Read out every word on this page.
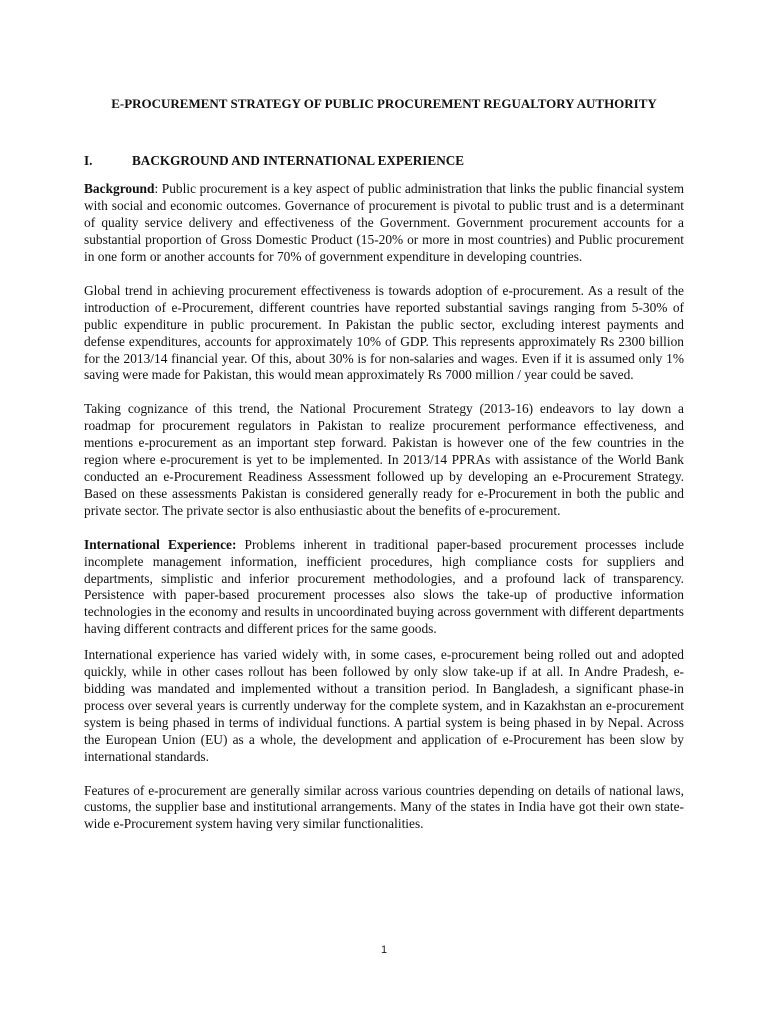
E-PROCUREMENT STRATEGY OF PUBLIC PROCUREMENT REGUALTORY AUTHORITY
I.	BACKGROUND AND INTERNATIONAL EXPERIENCE

Background: Public procurement is a key aspect of public administration that links the public financial system with social and economic outcomes. Governance of procurement is pivotal to public trust and is a determinant of quality service delivery and effectiveness of the Government. Government procurement accounts for a substantial proportion of Gross Domestic Product (15-20% or more in most countries) and Public procurement in one form or another accounts for 70% of government expenditure in developing countries.

Global trend in achieving procurement effectiveness is towards adoption of e-procurement. As a result of the introduction of e-Procurement, different countries have reported substantial savings ranging from 5-30% of public expenditure in public procurement. In Pakistan the public sector, excluding interest payments and defense expenditures, accounts for approximately 10% of GDP. This represents approximately Rs 2300 billion for the 2013/14 financial year. Of this, about 30% is for non-salaries and wages. Even if it is assumed only 1% saving were made for Pakistan, this would mean approximately Rs 7000 million / year could be saved.

Taking cognizance of this trend, the National Procurement Strategy (2013-16) endeavors to lay down a roadmap for procurement regulators in Pakistan to realize procurement performance effectiveness, and mentions e-procurement as an important step forward. Pakistan is however one of the few countries in the region where e-procurement is yet to be implemented. In 2013/14 PPRAs with assistance of the World Bank conducted an e-Procurement Readiness Assessment followed up by developing an e-Procurement Strategy. Based on these assessments Pakistan is considered generally ready for e-Procurement in both the public and private sector. The private sector is also enthusiastic about the benefits of e-procurement.

International Experience: Problems inherent in traditional paper-based procurement processes include incomplete management information, inefficient procedures, high compliance costs for suppliers and departments, simplistic and inferior procurement methodologies, and a profound lack of transparency. Persistence with paper-based procurement processes also slows the take-up of productive information technologies in the economy and results in uncoordinated buying across government with different departments having different contracts and different prices for the same goods.

International experience has varied widely with, in some cases, e-procurement being rolled out and adopted quickly, while in other cases rollout has been followed by only slow take-up if at all. In Andre Pradesh, e-bidding was mandated and implemented without a transition period. In Bangladesh, a significant phase-in process over several years is currently underway for the complete system, and in Kazakhstan an e-procurement system is being phased in terms of individual functions. A partial system is being phased in by Nepal. Across the European Union (EU) as a whole, the development and application of e-Procurement has been slow by international standards.

Features of e-procurement are generally similar across various countries depending on details of national laws, customs, the supplier base and institutional arrangements. Many of the states in India have got their own state-wide e-Procurement system having very similar functionalities.

1
